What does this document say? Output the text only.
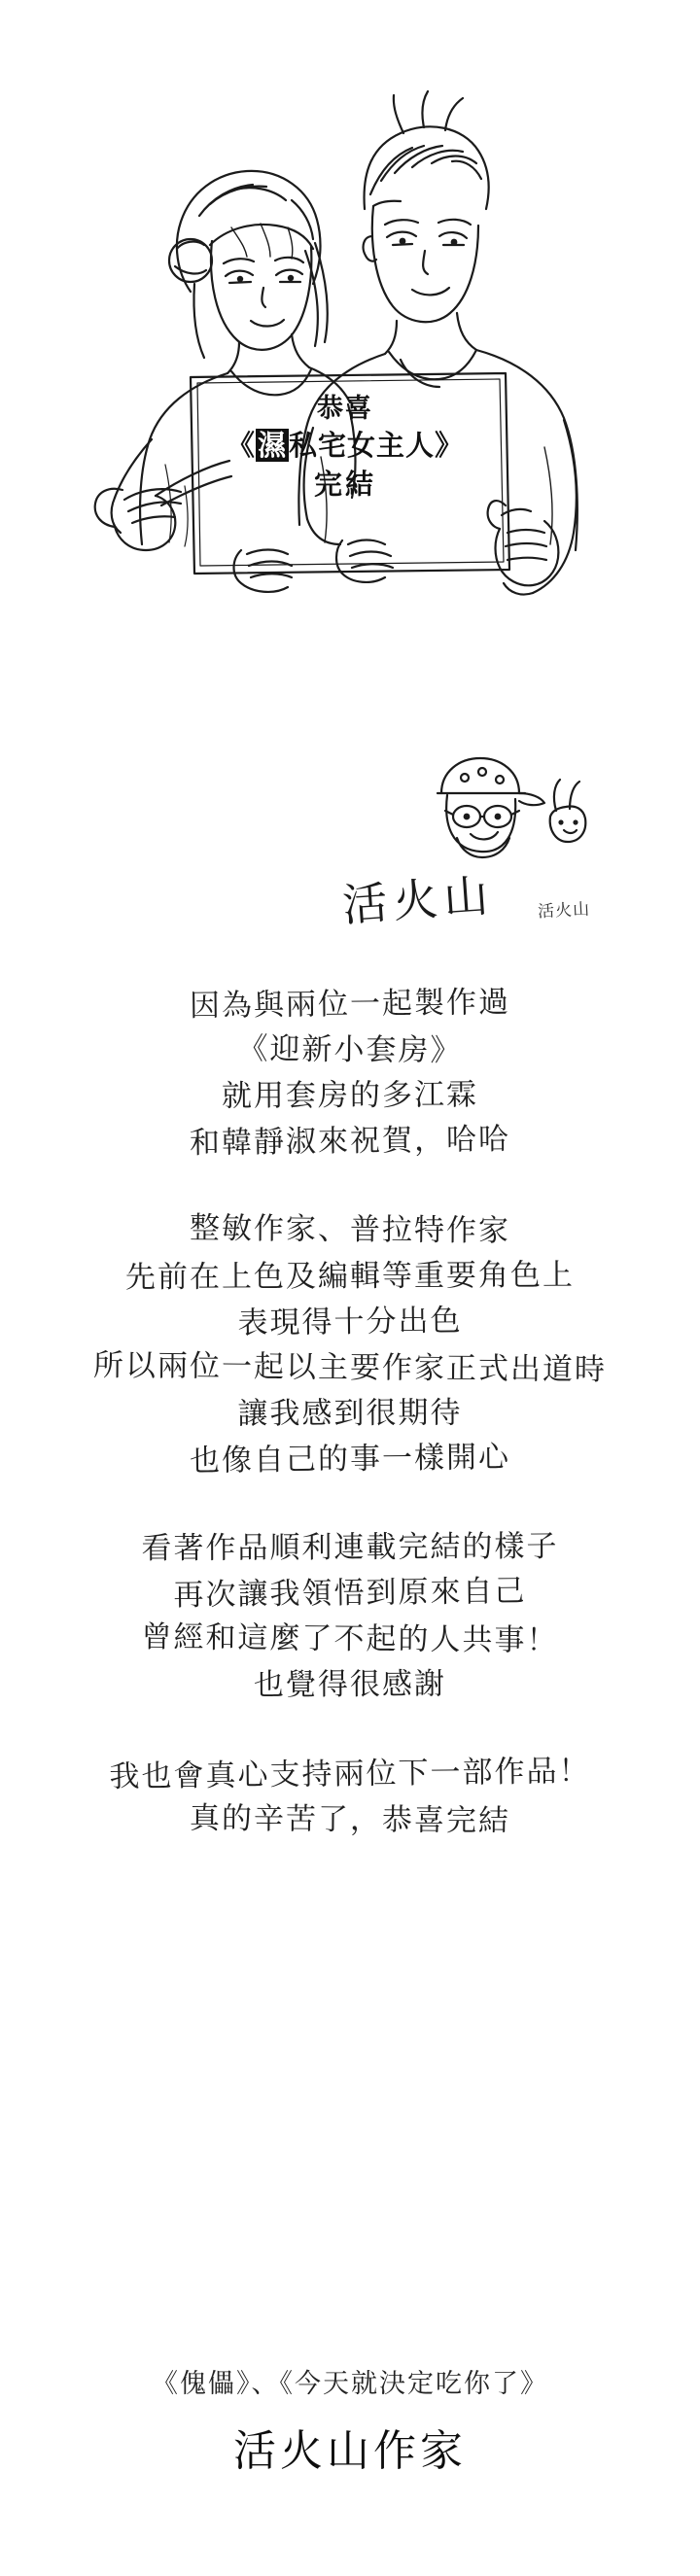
恭喜
《濕私宅女主人》
完結
活火山	活火山
因為與兩位一起製作過
《迎新小套房》
就用套房的多江霖
和韓靜淑來祝賀，哈哈
整敏作家、普拉特作家
先前在上色及編輯等重要角色上
表現得十分出色
所以兩位一起以主要作家正式出道時
讓我感到很期待
也像自己的事一樣開心
看著作品順利連載完結的樣子
再次讓我領悟到原來自己
曾經和這麼了不起的人共事！
也覺得很感謝
我也會真心支持兩位下一部作品！
真的辛苦了，恭喜完結
《傀儡》、《今天就決定吃你了》
活火山作家
